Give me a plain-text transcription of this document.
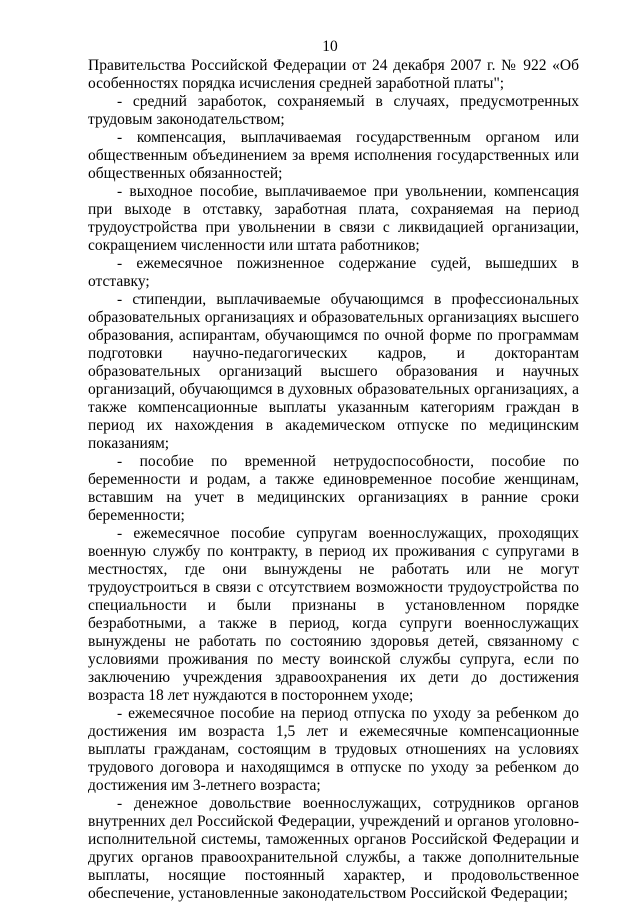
10

Правительства Российской Федерации от 24 декабря 2007 г. № 922 «Об особенностях порядка исчисления средней заработной платы";

- средний заработок, сохраняемый в случаях, предусмотренных трудовым законодательством;

- компенсация, выплачиваемая государственным органом или общественным объединением за время исполнения государственных или общественных обязанностей;

- выходное пособие, выплачиваемое при увольнении, компенсация при выходе в отставку, заработная плата, сохраняемая на период трудоустройства при увольнении в связи с ликвидацией организации, сокращением численности или штата работников;

- ежемесячное пожизненное содержание судей, вышедших в отставку;

- стипендии, выплачиваемые обучающимся в профессиональных образовательных организациях и образовательных организациях высшего образования, аспирантам, обучающимся по очной форме по программам подготовки научно-педагогических кадров, и докторантам образовательных организаций высшего образования и научных организаций, обучающимся в духовных образовательных организациях, а также компенсационные выплаты указанным категориям граждан в период их нахождения в академическом отпуске по медицинским показаниям;

- пособие по временной нетрудоспособности, пособие по беременности и родам, а также единовременное пособие женщинам, вставшим на учет в медицинских организациях в ранние сроки беременности;

- ежемесячное пособие супругам военнослужащих, проходящих военную службу по контракту, в период их проживания с супругами в местностях, где они вынуждены не работать или не могут трудоустроиться в связи с отсутствием возможности трудоустройства по специальности и были признаны в установленном порядке безработными, а также в период, когда супруги военнослужащих вынуждены не работать по состоянию здоровья детей, связанному с условиями проживания по месту воинской службы супруга, если по заключению учреждения здравоохранения их дети до достижения возраста 18 лет нуждаются в постороннем уходе;

- ежемесячное пособие на период отпуска по уходу за ребенком до достижения им возраста 1,5 лет и ежемесячные компенсационные выплаты гражданам, состоящим в трудовых отношениях на условиях трудового договора и находящимся в отпуске по уходу за ребенком до достижения им 3-летнего возраста;

- денежное довольствие военнослужащих, сотрудников органов внутренних дел Российской Федерации, учреждений и органов уголовно-исполнительной системы, таможенных органов Российской Федерации и других органов правоохранительной службы, а также дополнительные выплаты, носящие постоянный характер, и продовольственное обеспечение, установленные законодательством Российской Федерации;
